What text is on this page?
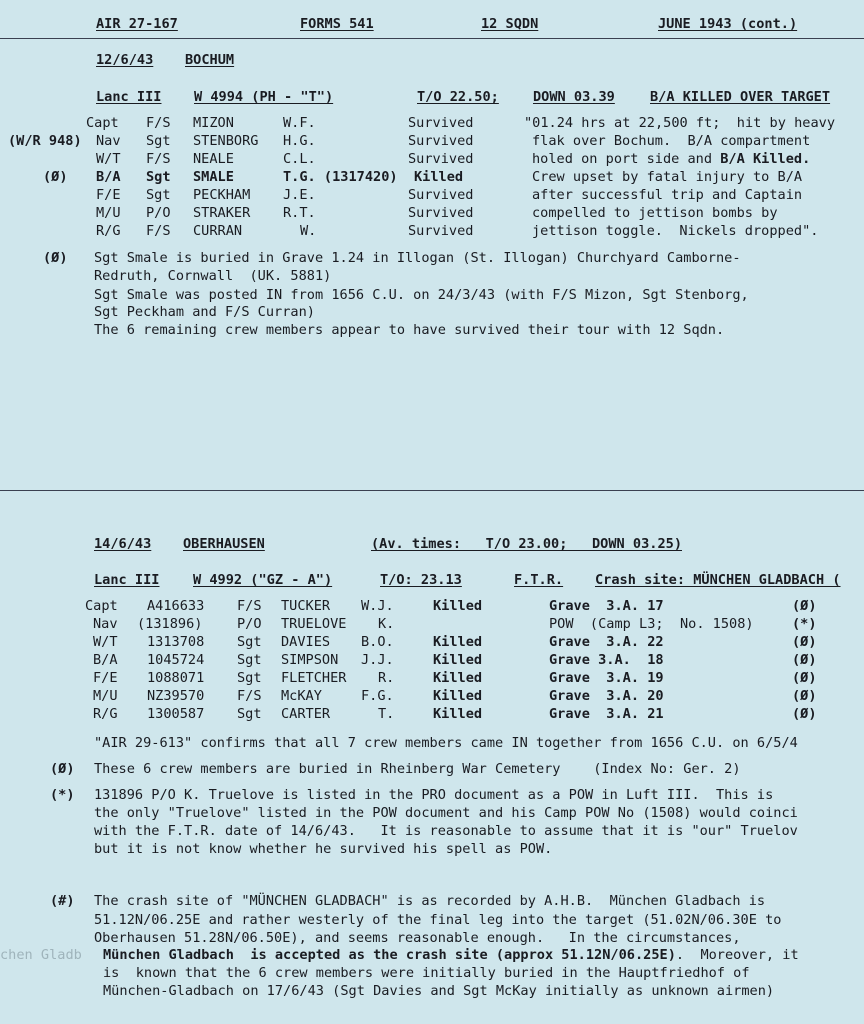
AIR 27-167	FORMS 541	12 SQDN	JUNE 1943 (cont.)
12/6/43 BOCHUM
Lanc III W 4994 (PH - "T")	T/O 22.50;	DOWN 03.39	B/A KILLED OVER TARGET
Capt F/S MIZON	W.F.	Survived
(W/R 948) Nav Sgt STENBORG H.G.	Survived
W/T F/S NEALE	C.L.	Survived
(Ø) B/A Sgt SMALE	T.G. (1317420) Killed
F/E Sgt PECKHAM J.E.	Survived
M/U P/O STRAKER R.T.	Survived
R/G F/S CURRAN	W.	Survived
"01.24 hrs at 22,500 ft;  hit by heavy
flak over Bochum.  B/A compartment
holed on port side and B/A Killed.
Crew upset by fatal injury to B/A
after successful trip and Captain
compelled to jettison bombs by
jettison toggle.  Nickels dropped".
(Ø) Sgt Smale is buried in Grave 1.24 in Illogan (St. Illogan) Churchyard Camborne-
Redruth, Cornwall  (UK. 5881)
Sgt Smale was posted IN from 1656 C.U. on 24/3/43 (with F/S Mizon, Sgt Stenborg,
Sgt Peckham and F/S Curran)
The 6 remaining crew members appear to have survived their tour with 12 Sqdn.
14/6/43 OBERHAUSEN	(Av. times:   T/O 23.00;   DOWN 03.25)
Lanc III W 4992 ("GZ - A")	T/O: 23.13	F.T.R. Crash site: MÜNCHEN GLADBACH (
Capt A416633 F/S TUCKER W.J.	Killed	Grave  3.A. 17	(Ø)
Nav (131896)	P/O TRUELOVE K.	POW  (Camp L3;  No. 1508)	(*)
W/T 1313708 Sgt DAVIES B.O.	Killed	Grave  3.A. 22	(Ø)
B/A 1045724 Sgt SIMPSON J.J.	Killed	Grave 3.A.  18	(Ø)
F/E 1088071 Sgt FLETCHER R.	Killed	Grave  3.A. 19	(Ø)
M/U NZ39570 F/S McKAY	F.G.	Killed	Grave  3.A. 20	(Ø)
R/G 1300587 Sgt CARTER	T.	Killed	Grave  3.A. 21	(Ø)
"AIR 29-613" confirms that all 7 crew members came IN together from 1656 C.U. on 6/5/4
(Ø) These 6 crew members are buried in Rheinberg War Cemetery    (Index No: Ger. 2)
(*) 131896 P/O K. Truelove is listed in the PRO document as a POW in Luft III.  This is
the only "Truelove" listed in the POW document and his Camp POW No (1508) would coinci
with the F.T.R. date of 14/6/43.   It is reasonable to assume that it is "our" Truelov
but it is not know whether he survived his spell as POW.
(#) The crash site of "MÜNCHEN GLADBACH" is as recorded by A.H.B.  München Gladbach is
51.12N/06.25E and rather westerly of the final leg into the target (51.02N/06.30E to
Oberhausen 51.28N/06.50E), and seems reasonable enough.   In the circumstances,
chen Gladb München Gladbach  is accepted as the crash site (approx 51.12N/06.25E).  Moreover, it
is  known that the 6 crew members were initially buried in the Hauptfriedhof of
München-Gladbach on 17/6/43 (Sgt Davies and Sgt McKay initially as unknown airmen)
